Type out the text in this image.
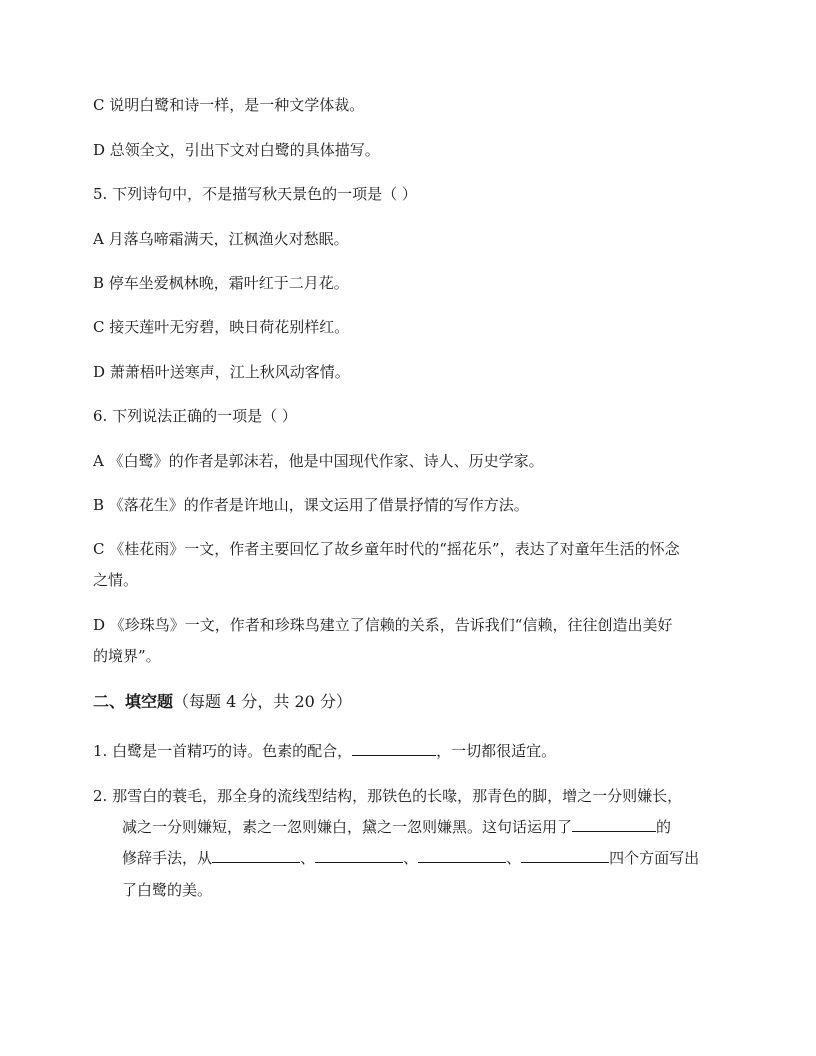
C 说明白鹭和诗一样，是一种文学体裁。
D 总领全文，引出下文对白鹭的具体描写。
5. 下列诗句中，不是描写秋天景色的一项是（ ）
A 月落乌啼霜满天，江枫渔火对愁眠。
B 停车坐爱枫林晚，霜叶红于二月花。
C 接天莲叶无穷碧，映日荷花别样红。
D 萧萧梧叶送寒声，江上秋风动客情。
6. 下列说法正确的一项是（ ）
A 《白鹭》的作者是郭沫若，他是中国现代作家、诗人、历史学家。
B 《落花生》的作者是许地山，课文运用了借景抒情的写作方法。
C 《桂花雨》一文，作者主要回忆了故乡童年时代的“摇花乐”，表达了对童年生活的怀念
之情。
D 《珍珠鸟》一文，作者和珍珠鸟建立了信赖的关系，告诉我们“信赖，往往创造出美好
的境界”。
二、填空题（每题 4 分，共 20 分）
1. 白鹭是一首精巧的诗。色素的配合，	，一切都很适宜。
2. 那雪白的蓑毛，那全身的流线型结构，那铁色的长喙，那青色的脚，增之一分则嫌长，
减之一分则嫌短，素之一忽则嫌白，黛之一忽则嫌黑。这句话运用了	的
修辞手法，从	、	、	、	四个方面写出
了白鹭的美。
